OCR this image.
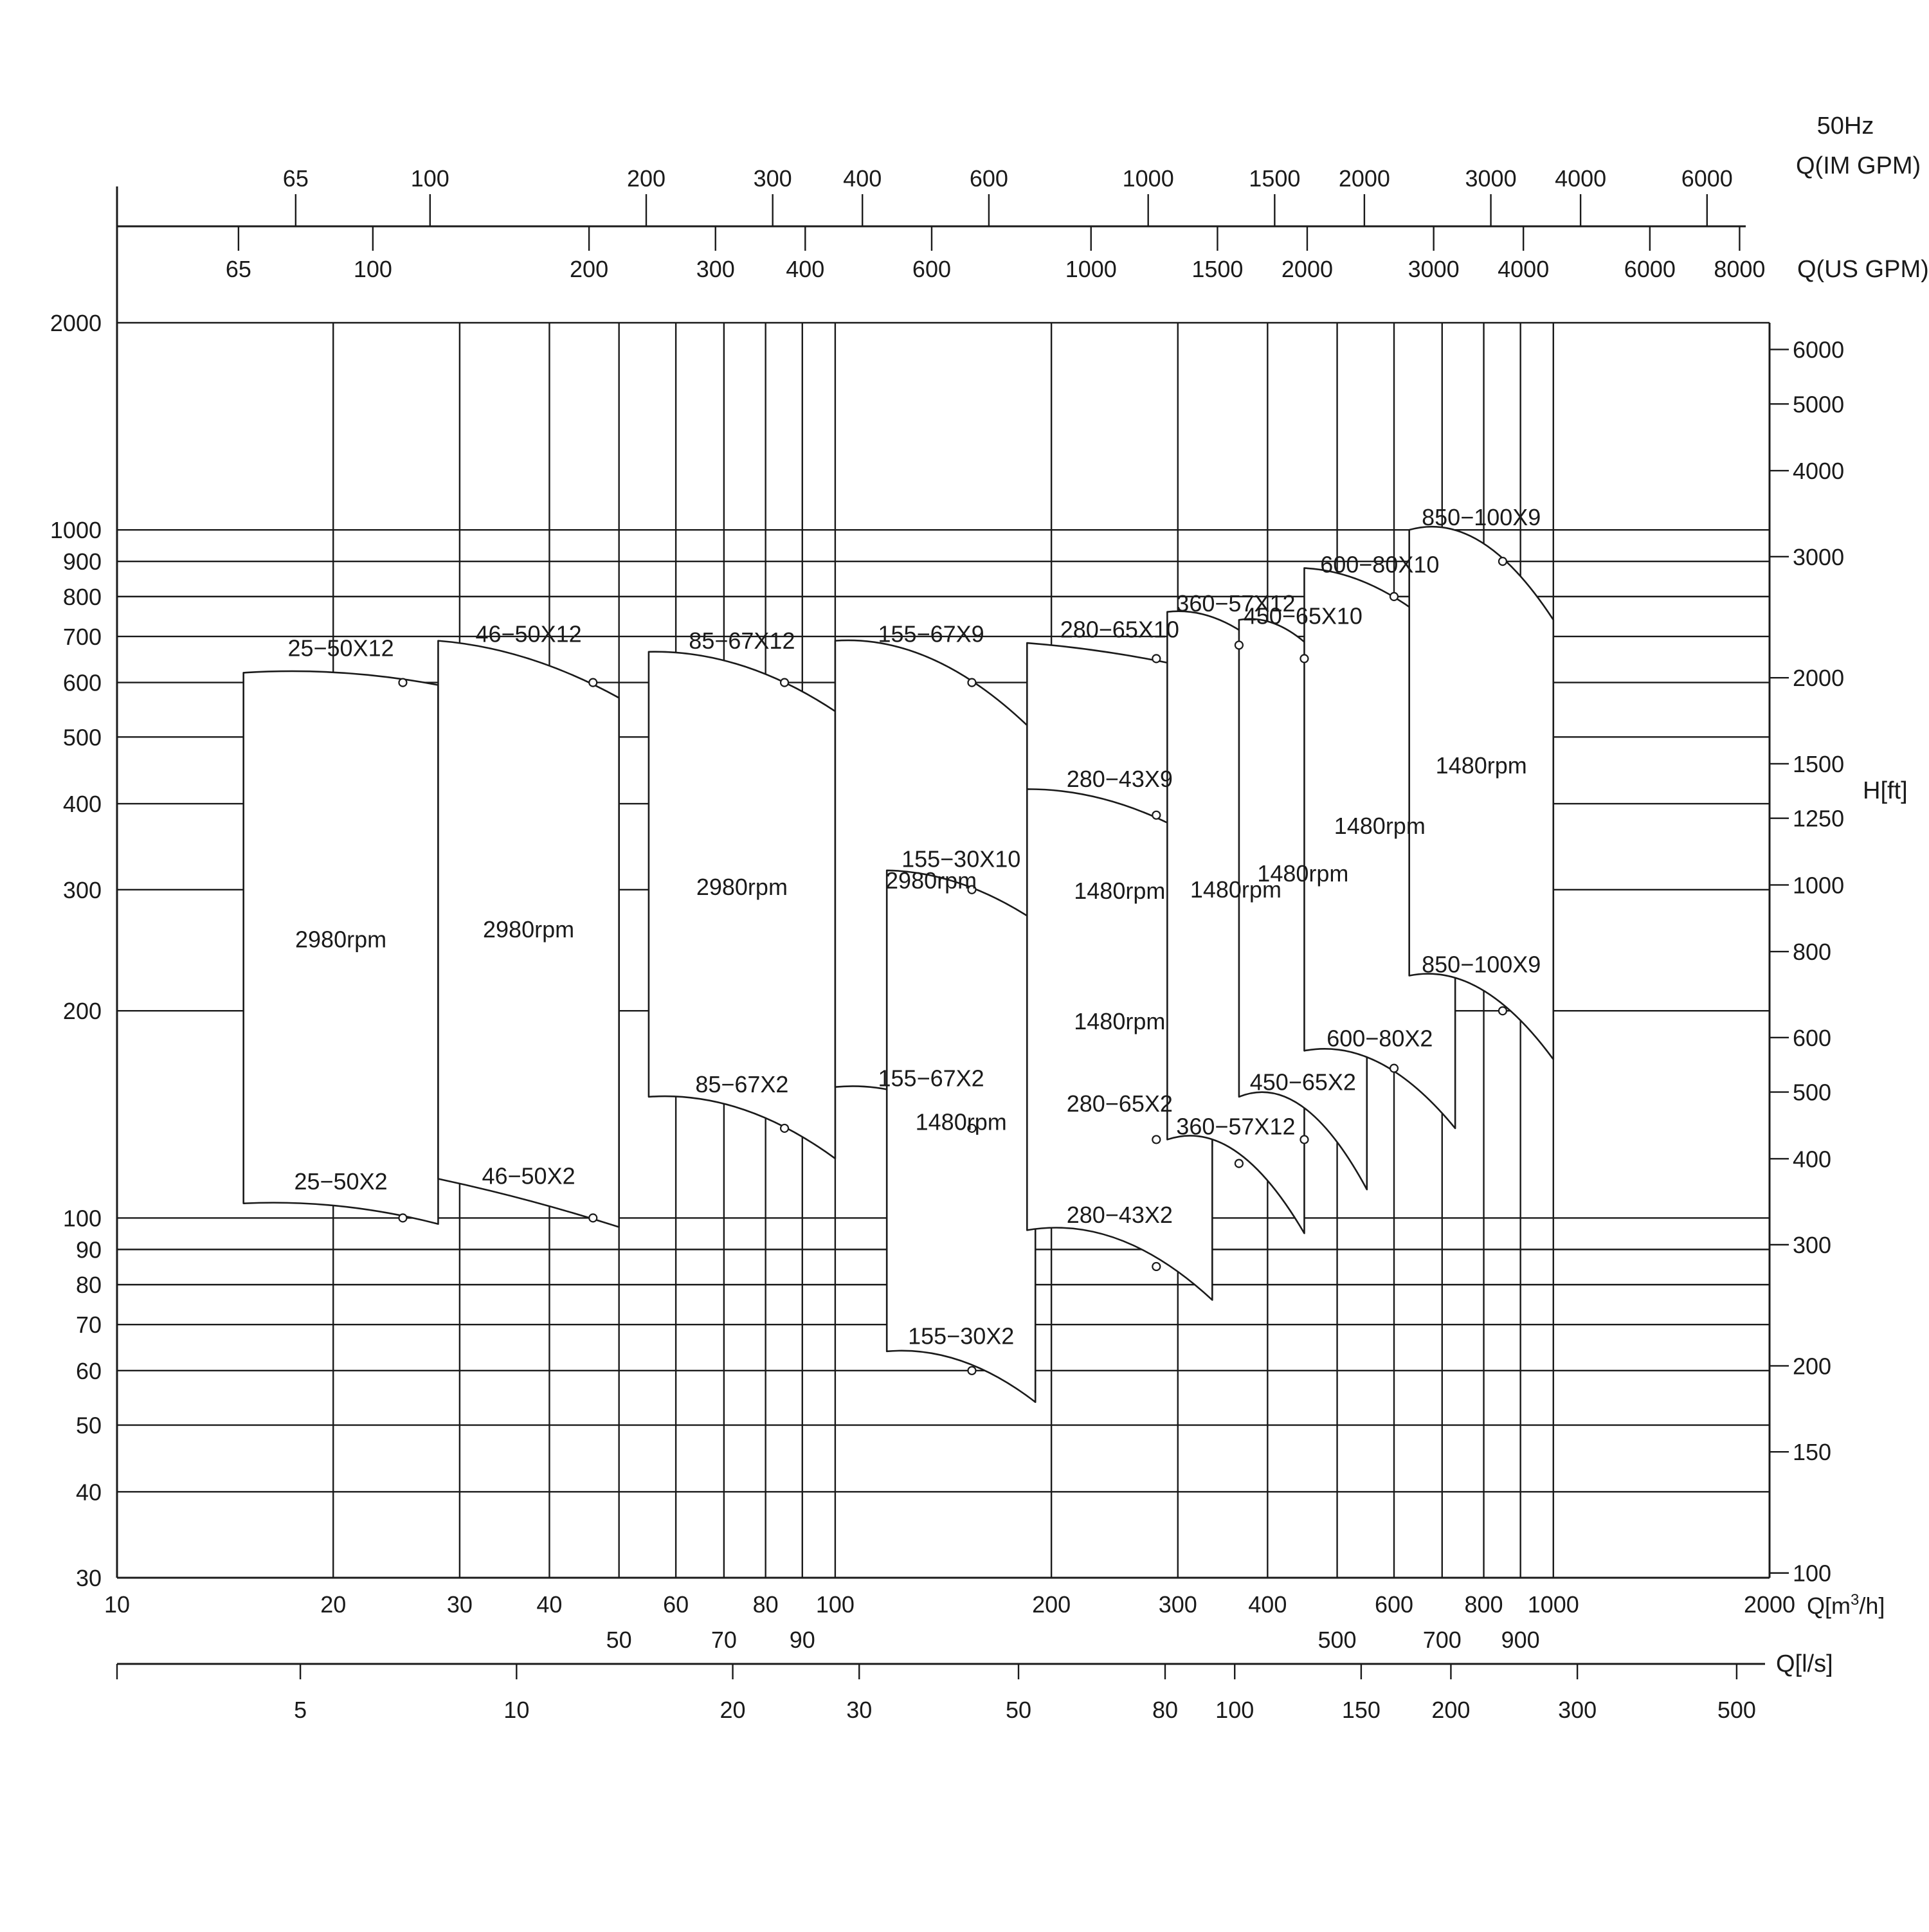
30
40
50
60
70
80
90
100
200
300
400
500
600
700
800
900
1000
2000
10	20	30	40	60	80 100	200	300 400	600 800 1000	2000
50	70 90	500	700 900
$Q[m^3/h]$
100
150
200
300
400
500
600
800
1000
1250
1500
2000
3000
4000
5000
6000
H[ft]
5	10	20	30	50	80 100	150 200	300	500
Q[l/s]
65	100	200	300 400	600	1000	1500 2000	3000 4000	6000 8000 Q(US GPM)
65	100	200	300 400	600	1000	1500 2000	3000 4000	6000	Q(IM GPM)
50Hz
25−50X12
25−50X2
2980rpm
46−50X12
46−50X2
2980rpm
85−67X12
85−67X2
2980rpm
155−67X9
155−67X2
2980rpm
155−30X10
155−30X2
1480rpm
280−65X10
280−65X2
1480rpm
280−43X9
280−43X2
1480rpm
360−57X12
360−57X12
1480rpm
450−65X10
450−65X2
1480rpm
600−80X10
600−80X2
1480rpm
850−100X9
850−100X9
1480rpm
